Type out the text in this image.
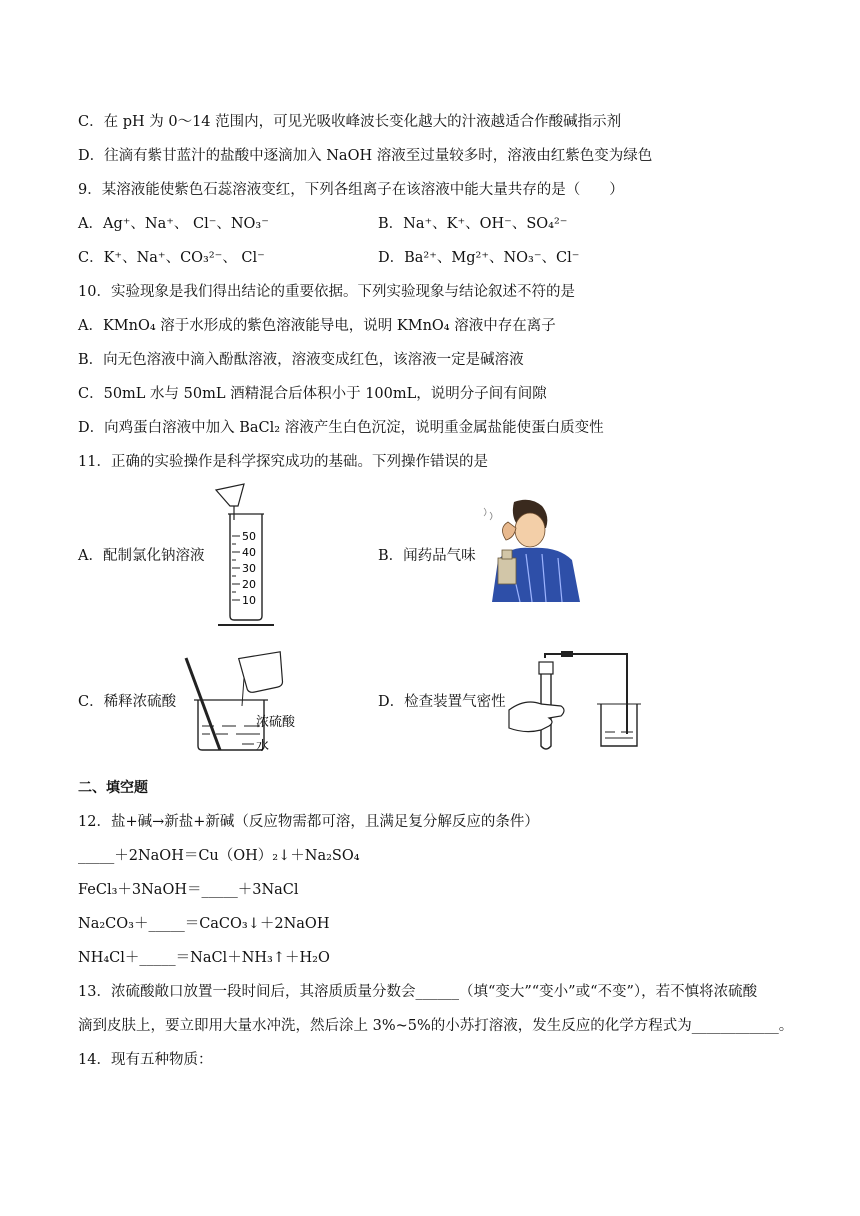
C．在 pH 为 0～14 范围内，可见光吸收峰波长变化越大的汁液越适合作酸碱指示剂
D．往滴有紫甘蓝汁的盐酸中逐滴加入 NaOH 溶液至过量较多时，溶液由红紫色变为绿色
9．某溶液能使紫色石蕊溶液变红，下列各组离子在该溶液中能大量共存的是（　　）
A．Ag⁺、Na⁺、 Cl⁻、NO₃⁻	B．Na⁺、K⁺、OH⁻、SO₄²⁻
C．K⁺、Na⁺、CO₃²⁻、 Cl⁻	D．Ba²⁺、Mg²⁺、NO₃⁻、Cl⁻
10．实验现象是我们得出结论的重要依据。下列实验现象与结论叙述不符的是
A．KMnO₄ 溶于水形成的紫色溶液能导电，说明 KMnO₄ 溶液中存在离子
B．向无色溶液中滴入酚酞溶液，溶液变成红色，该溶液一定是碱溶液
C．50mL 水与 50mL 酒精混合后体积小于 100mL，说明分子间有间隙
D．向鸡蛋白溶液中加入 BaCl₂ 溶液产生白色沉淀，说明重金属盐能使蛋白质变性
11．正确的实验操作是科学探究成功的基础。下列操作错误的是
A．配制氯化钠溶液	B．闻药品气味
C．稀释浓硫酸	D．检查装置气密性
50
40
30
20
10
浓硫酸
水
二、填空题
12．盐+碱→新盐+新碱（反应物需都可溶，且满足复分解反应的条件）
_____＋2NaOH＝Cu（OH）₂↓＋Na₂SO₄
FeCl₃＋3NaOH＝_____＋3NaCl
Na₂CO₃＋_____＝CaCO₃↓＋2NaOH
NH₄Cl＋_____＝NaCl＋NH₃↑＋H₂O
13．浓硫酸敞口放置一段时间后，其溶质质量分数会______（填“变大”“变小”或“不变”），若不慎将浓硫酸
滴到皮肤上，要立即用大量水冲洗，然后涂上 3%~5%的小苏打溶液，发生反应的化学方程式为____________。
14．现有五种物质：
